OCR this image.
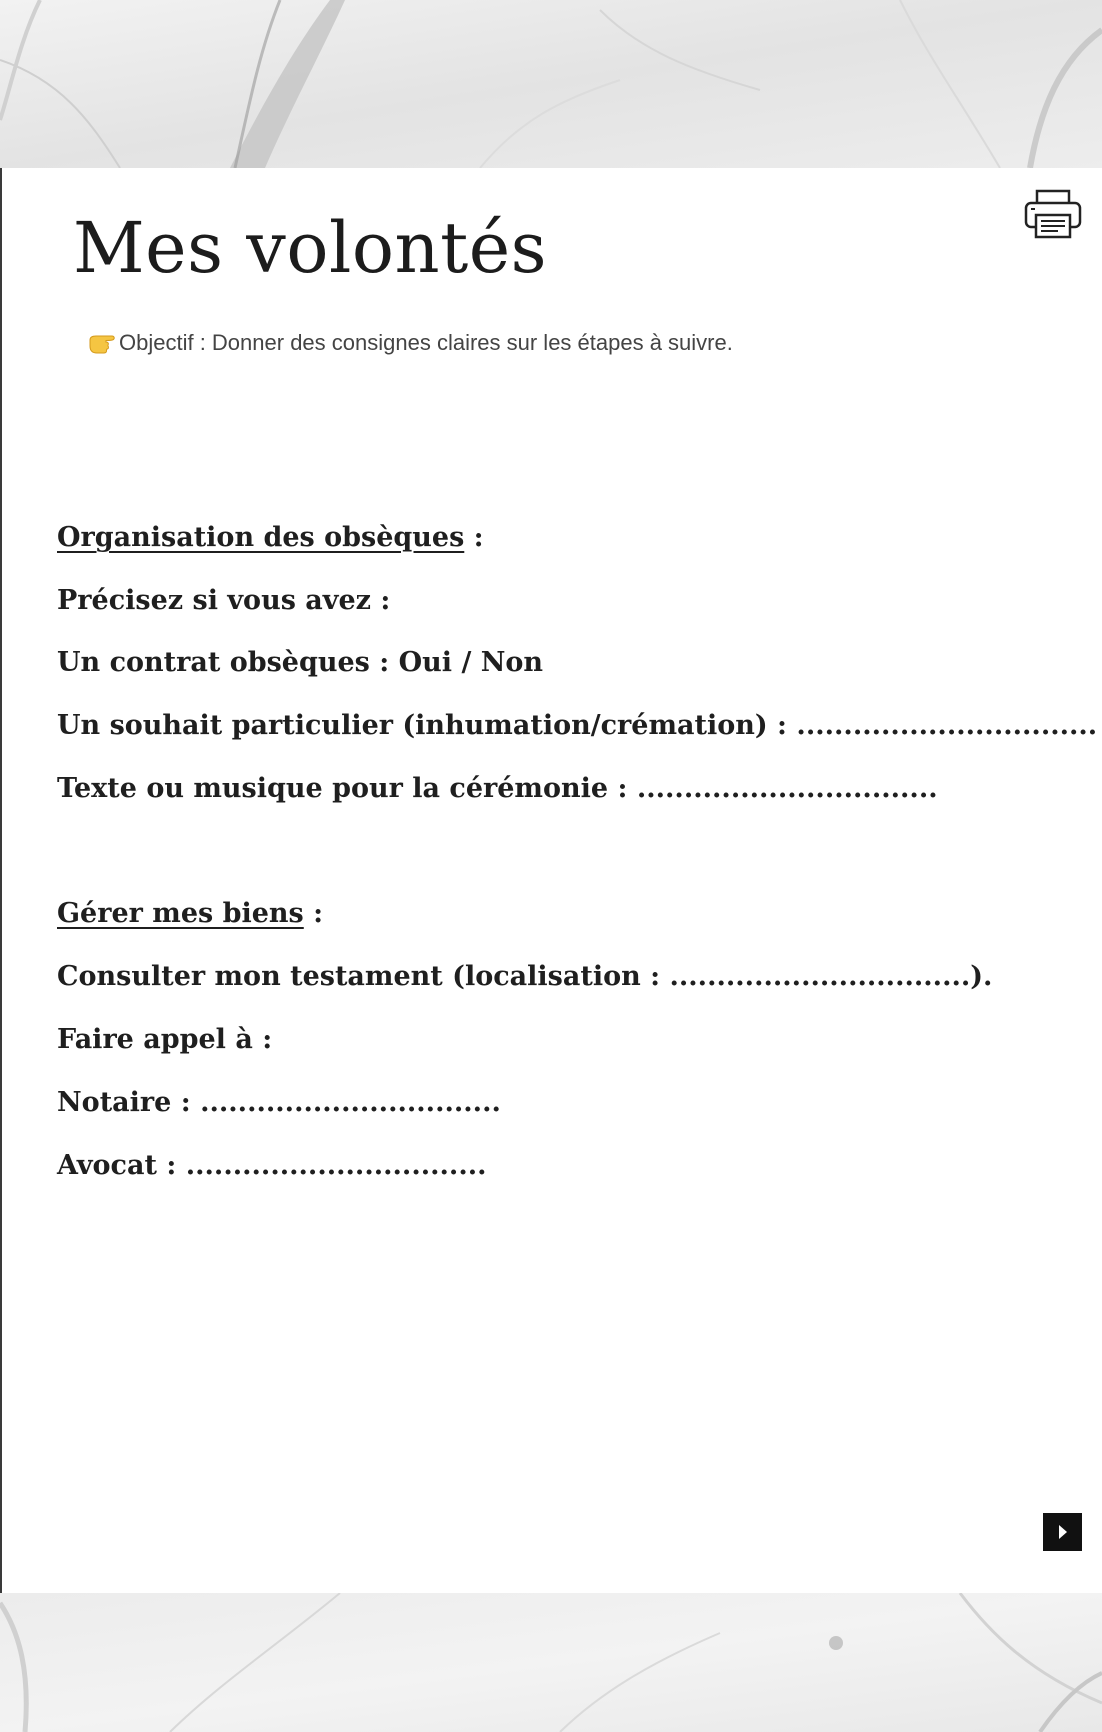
Mes volontés
Objectif : Donner des consignes claires sur les étapes à suivre.
Organisation des obsèques :
Précisez si vous avez :
Un contrat obsèques : Oui / Non
Un souhait particulier (inhumation/crémation) : ................................
Texte ou musique pour la cérémonie : ................................
Gérer mes biens :
Consulter mon testament (localisation : ................................).
Faire appel à :
Notaire : ................................
Avocat : ................................
